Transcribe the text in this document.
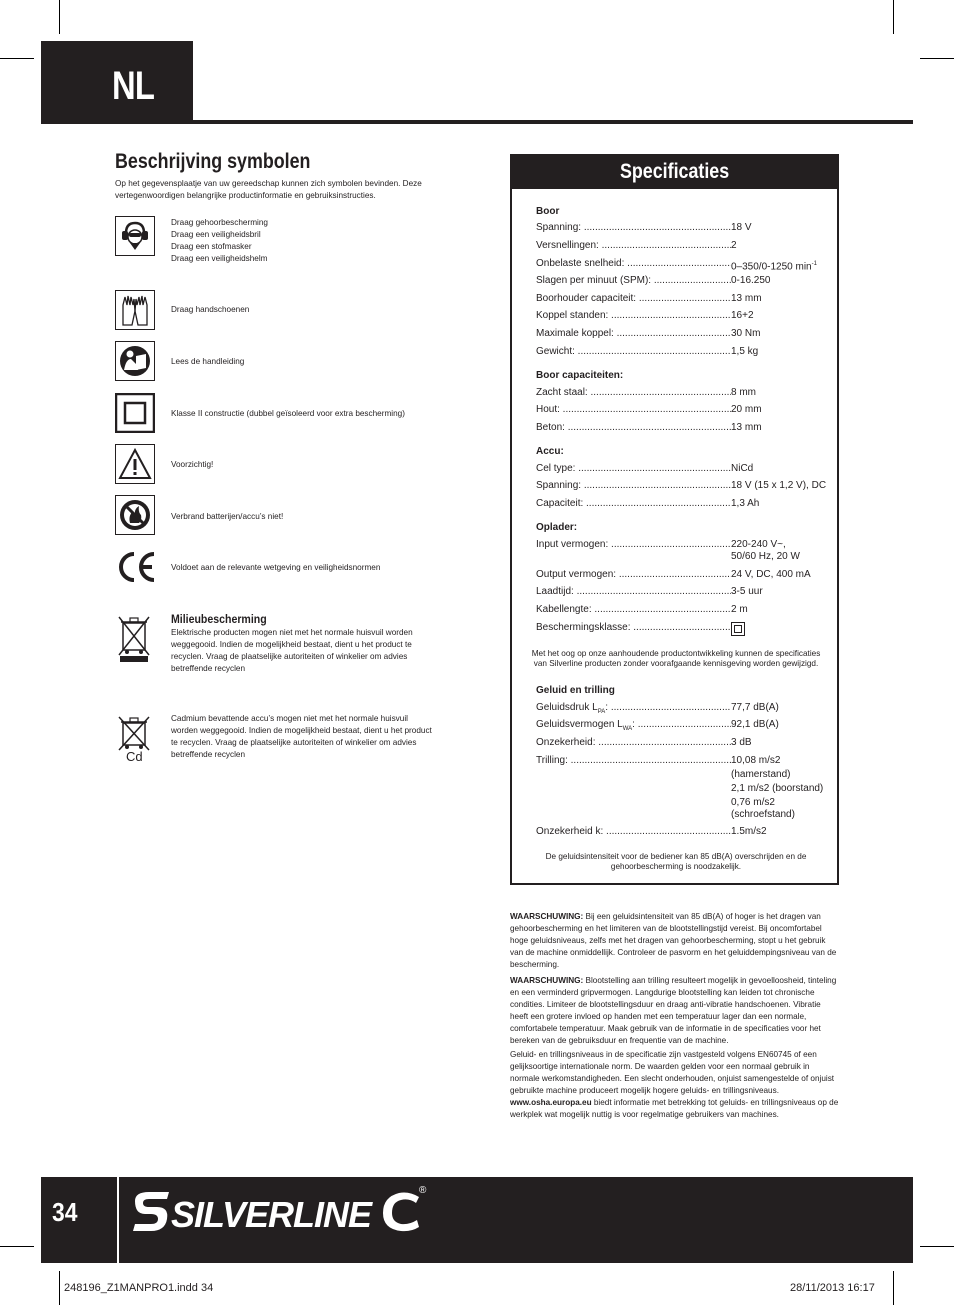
NL
Beschrijving symbolen
Op het gegevensplaatje van uw gereedschap kunnen zich symbolen bevinden. Deze vertegenwoordigen belangrijke productinformatie en gebruiksinstructies.
Draag gehoorbescherming
Draag een veiligheidsbril
Draag een stofmasker
Draag een veiligheidshelm
Draag handschoenen
Lees de handleiding
Klasse II constructie (dubbel geïsoleerd voor extra bescherming)
Voorzichtig!
Verbrand batterijen/accu’s niet!
Voldoet aan de relevante wetgeving en veiligheidsnormen
Milieubescherming
Elektrische producten mogen niet met het normale huisvuil worden weggegooid. Indien de mogelijkheid bestaat, dient u het product te recyclen. Vraag de plaatselijke autoriteiten of winkelier om advies betreffende recyclen
Cd
Cadmium bevattende accu’s mogen niet met het normale huisvuil worden weggegooid. Indien de mogelijkheid bestaat, dient u het product te recyclen. Vraag de plaatselijke autoriteiten of winkelier om advies betreffende recyclen
Specificaties
Boor
Spanning: .....	18 V
Versnellingen: .....	2
Onbelaste snelheid: .....	0–350/0-1250 $\min^{-1}$
Slagen per minuut (SPM): .....	0-16.250
Boorhouder capaciteit: .....	13 mm
Koppel standen: .....	16+2
Maximale koppel: .....	30 Nm
Gewicht: .....	1,5 kg
Boor capaciteiten:
Zacht staal: .....	8 mm
Hout: .....	20 mm
Beton: .....	13 mm
Accu:
Cel type: .....	NiCd
Spanning: .....	18 V (15 x 1,2 V), DC
Capaciteit: .....	1,3 Ah
Oplader:
Input vermogen: .....	220-240 V~,
50/60 Hz, 20 W
Output vermogen: .....	24 V, DC, 400 mA
Laadtijd: .....	3-5 uur
Kabellengte: .....	2 m
Beschermingsklasse: .....
Met het oog op onze aanhoudende productontwikkeling kunnen de specificaties van Silverline producten zonder voorafgaande kennisgeving worden gewijzigd.
Geluid en trilling
Geluidsdruk $L_{PA}$: .....	77,7 dB(A)
Geluidsvermogen $L_{WA}$: .....	92,1 dB(A)
Onzekerheid: .....	3 dB
Trilling: .....	10,08 m/s2
(hamerstand)
2,1 m/s2 (boorstand)
0,76 m/s2
(schroefstand)
Onzekerheid k: .....	1.5m/s2
De geluidsintensiteit voor de bediener kan 85 dB(A) overschrijden en de gehoorbescherming is noodzakelijk.
WAARSCHUWING: Bij een geluidsintensiteit van 85 dB(A) of hoger is het dragen van gehoorbescherming en het limiteren van de blootstellingstijd vereist. Bij oncomfortabel hoge geluidsniveaus, zelfs met het dragen van gehoorbescherming, stopt u het gebruik van de machine onmiddellijk. Controleer de pasvorm en het geluiddempingsniveau van de bescherming.
WAARSCHUWING: Blootstelling aan trilling resulteert mogelijk in gevoelloosheid, tinteling en een verminderd gripvermogen. Langdurige blootstelling kan leiden tot chronische condities. Limiteer de blootstellingsduur en draag anti-vibratie handschoenen. Vibratie heeft een grotere invloed op handen met een temperatuur lager dan een normale, comfortabele temperatuur. Maak gebruik van de informatie in de specificaties voor het bereken van de gebruiksduur en frequentie van de machine.
Geluid- en trillingsniveaus in de specificatie zijn vastgesteld volgens EN60745 of een gelijksoortige internationale norm. De waarden gelden voor een normaal gebruik in normale werkomstandigheden. Een slecht onderhouden, onjuist samengestelde of onjuist gebruikte machine produceert mogelijk hogere geluids- en trillingsniveaus. www.osha.europa.eu biedt informatie met betrekking tot geluids- en trillingsniveaus op de werkplek wat mogelijk nuttig is voor regelmatige gebruikers van machines.
34	SILVERLINE
®
248196_Z1MANPRO1.indd 34	28/11/2013 16:17
